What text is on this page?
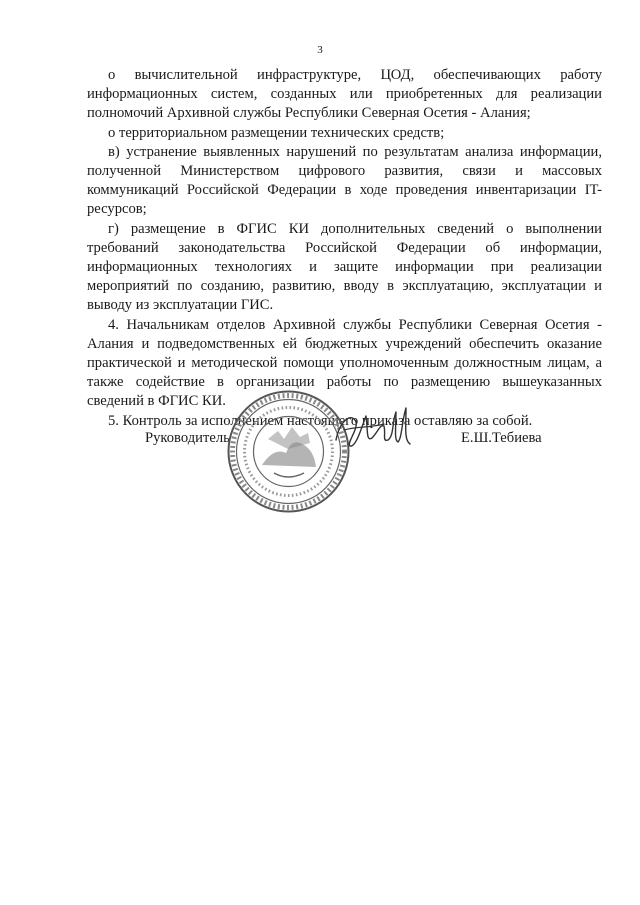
3

о вычислительной инфраструктуре, ЦОД, обеспечивающих работу информационных систем, созданных или приобретенных для реализации полномочий Архивной службы Республики Северная Осетия - Алания;

о территориальном размещении технических средств;

в) устранение выявленных нарушений по результатам анализа информации, полученной Министерством цифрового развития, связи и массовых коммуникаций Российской Федерации в ходе проведения инвентаризации IT-ресурсов;

г) размещение в ФГИС КИ дополнительных сведений о выполнении требований законодательства Российской Федерации об информации, информационных технологиях и защите информации при реализации мероприятий по созданию, развитию, вводу в эксплуатацию, эксплуатации и выводу из эксплуатации ГИС.

4. Начальникам отделов Архивной службы Республики Северная Осетия - Алания и подведомственных ей бюджетных учреждений обеспечить оказание практической и методической помощи уполномоченным должностным лицам, а также содействие в организации работы по размещению вышеуказанных сведений в ФГИС КИ.

5. Контроль за исполнением настоящего приказа оставляю за собой.

Руководитель	Е.Ш.Тебиева
